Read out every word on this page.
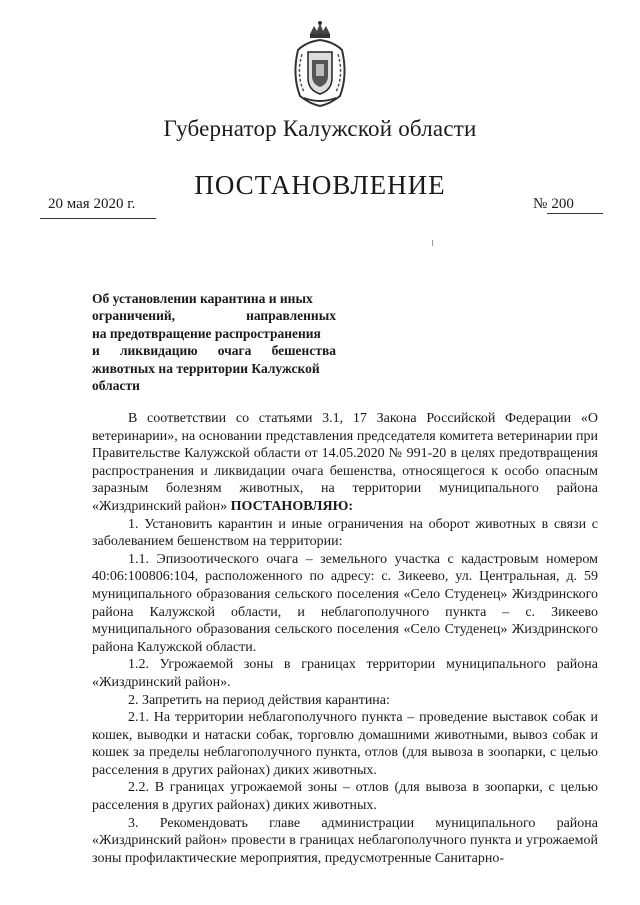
Губернатор Калужской области
ПОСТАНОВЛЕНИЕ
20 мая 2020 г.	№ 200
Об установлении карантина и иных
ограничений, направленных
на предотвращение распространения
и ликвидацию очага бешенства
животных на территории Калужской
области

В соответствии со статьями 3.1, 17 Закона Российской Федерации «О ветеринарии», на основании представления председателя комитета ветеринарии при Правительстве Калужской области от 14.05.2020 № 991-20 в целях предотвращения распространения и ликвидации очага бешенства, относящегося к особо опасным заразным болезням животных, на территории муниципального района «Жиздринский район» ПОСТАНОВЛЯЮ:

1. Установить карантин и иные ограничения на оборот животных в связи с заболеванием бешенством на территории:

1.1. Эпизоотического очага – земельного участка с кадастровым номером 40:06:100806:104, расположенного по адресу: с. Зикеево, ул. Центральная, д. 59 муниципального образования сельского поселения «Село Студенец» Жиздринского района Калужской области, и неблагополучного пункта – с. Зикеево муниципального образования сельского поселения «Село Студенец» Жиздринского района Калужской области.

1.2. Угрожаемой зоны в границах территории муниципального района «Жиздринский район».

2. Запретить на период действия карантина:

2.1. На территории неблагополучного пункта – проведение выставок собак и кошек, выводки и натаски собак, торговлю домашними животными, вывоз собак и кошек за пределы неблагополучного пункта, отлов (для вывоза в зоопарки, с целью расселения в других районах) диких животных.

2.2. В границах угрожаемой зоны – отлов (для вывоза в зоопарки, с целью расселения в других районах) диких животных.

3. Рекомендовать главе администрации муниципального района «Жиздринский район» провести в границах неблагополучного пункта и угрожаемой зоны профилактические мероприятия, предусмотренные Санитарно-
